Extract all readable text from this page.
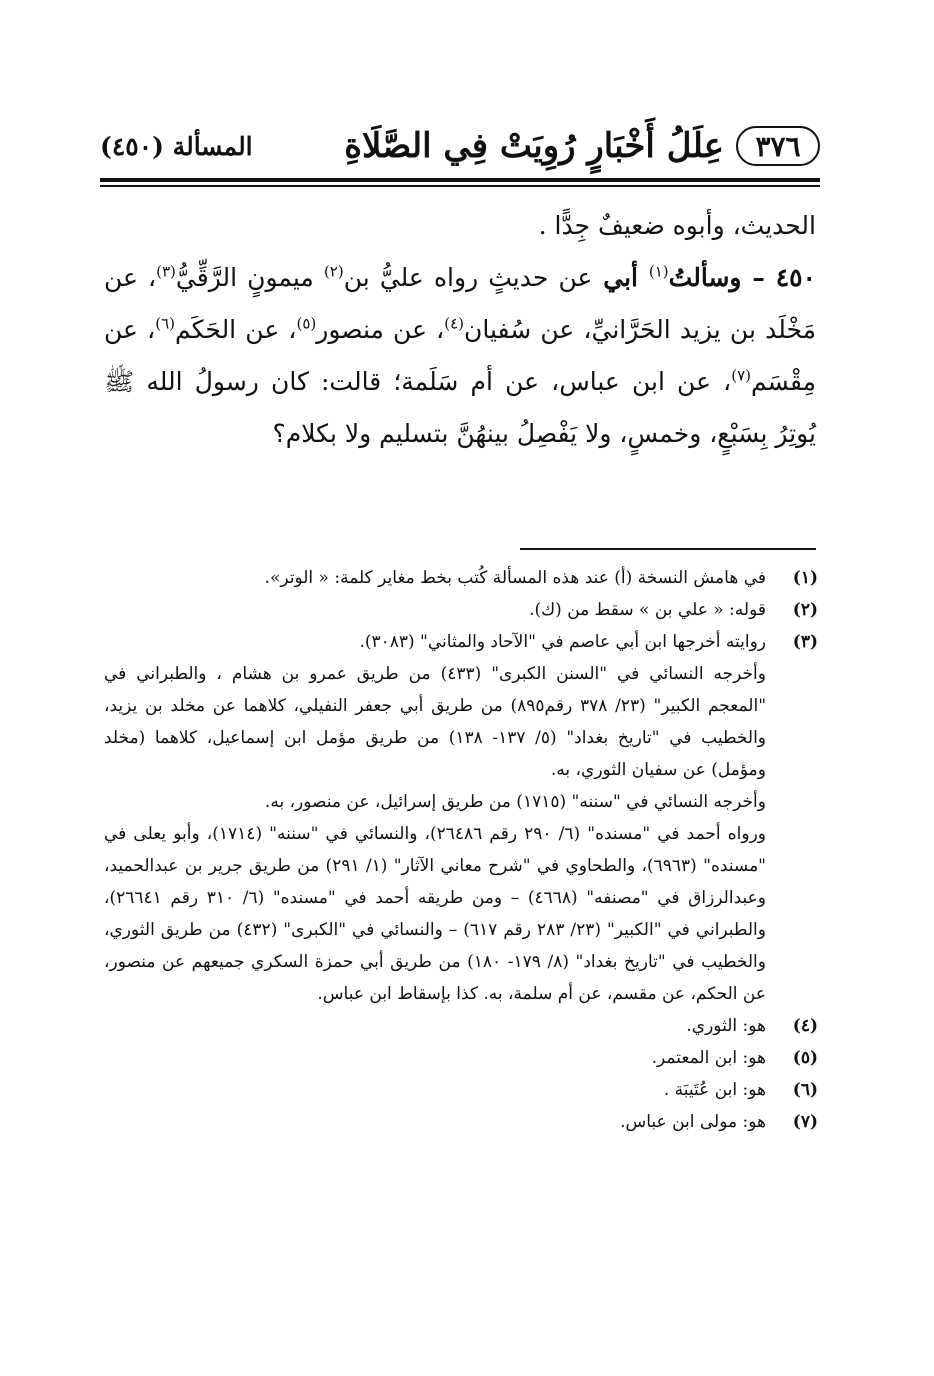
٣٧٦
عِلَلُ أَخْبَارٍ رُوِيَتْ فِي الصَّلَاةِ
المسألة (٤٥٠)

الحديث، وأبوه ضعيفٌ جِدًّا .

٤٥٠ – وسألتُ$^{(١)}$ أبي عن حديثٍ رواه عليُّ بن$^{(٢)}$ ميمونٍ الرَّقِّيُّ$^{(٣)}$، عن مَخْلَد بن يزيد الحَرَّانيِّ، عن سُفيان$^{(٤)}$، عن منصور$^{(٥)}$، عن الحَكَم$^{(٦)}$، عن مِقْسَم$^{(٧)}$، عن ابن عباس، عن أم سَلَمة؛ قالت: كان رسولُ الله ﷺ يُوتِرُ بِسَبْعٍ، وخمسٍ، ولا يَفْصِلُ بينهُنَّ بتسليم ولا بكلام؟

(١)
في هامش النسخة (أ) عند هذه المسألة كُتب بخط مغاير كلمة: « الوتر».
(٢)
قوله: « علي بن » سقط من (ك).
(٣)
روايته أخرجها ابن أبي عاصم في "الآحاد والمثاني" (٣٠٨٣).

وأخرجه النسائي في "السنن الكبرى" (٤٣٣) من طريق عمرو بن هشام ، والطبراني في "المعجم الكبير" (٢٣/ ٣٧٨ رقم٨٩٥) من طريق أبي جعفر النفيلي، كلاهما عن مخلد بن يزيد، والخطيب في "تاريخ بغداد" (٥/ ١٣٧- ١٣٨) من طريق مؤمل ابن إسماعيل، كلاهما (مخلد ومؤمل) عن سفيان الثوري، به.

وأخرجه النسائي في "سننه" (١٧١٥) من طريق إسرائيل، عن منصور، به.

ورواه أحمد في "مسنده" (٦/ ٢٩٠ رقم ٢٦٤٨٦)، والنسائي في "سننه" (١٧١٤)، وأبو يعلى في "مسنده" (٦٩٦٣)، والطحاوي في "شرح معاني الآثار" (١/ ٢٩١) من طريق جرير بن عبدالحميد، وعبدالرزاق في "مصنفه" (٤٦٦٨) – ومن طريقه أحمد في "مسنده" (٦/ ٣١٠ رقم ٢٦٦٤١)، والطبراني في "الكبير" (٢٣/ ٢٨٣ رقم ٦١٧) – والنسائي في "الكبرى" (٤٣٢) من طريق الثوري، والخطيب في "تاريخ بغداد" (٨/ ١٧٩- ١٨٠) من طريق أبي حمزة السكري جميعهم عن منصور، عن الحكم، عن مقسم، عن أم سلمة، به. كذا بإسقاط ابن عباس.

(٤)
هو: الثوري.
(٥)
هو: ابن المعتمر.
(٦)
هو: ابن عُتَيبَة .
(٧)
هو: مولى ابن عباس.
